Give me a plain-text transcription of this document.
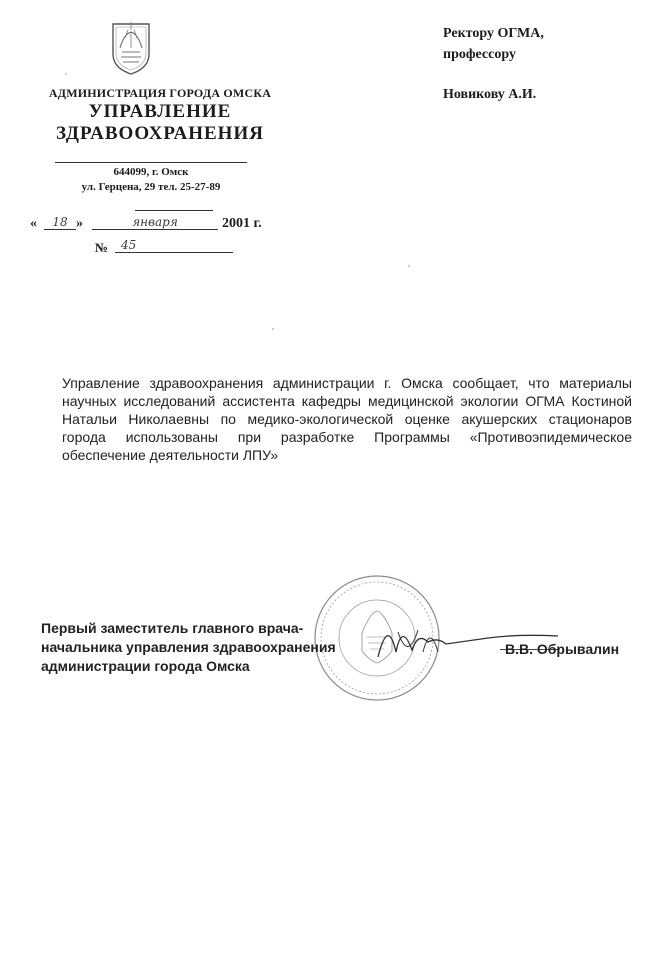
АДМИНИСТРАЦИЯ ГОРОДА ОМСКА
УПРАВЛЕНИЕ
ЗДРАВООХРАНЕНИЯ
644099, г. Омск
ул. Герцена, 29 тел. 25-27-89
«	18 »	января	2001 г.
№	45
Ректору ОГМА,
профессору
Новикову А.И.

Управление здравоохранения администрации г. Омска сообщает, что материалы научных исследований ассистента кафедры медицинской экологии ОГМА Костиной Натальи Николаевны по медико-экологической оценке акушерских стационаров города использованы при разработке Программы «Противоэпидемическое обеспечение деятельности ЛПУ»

Первый заместитель главного врача-
начальника управления здравоохранения
администрации города Омска
В.В. Обрывалин
